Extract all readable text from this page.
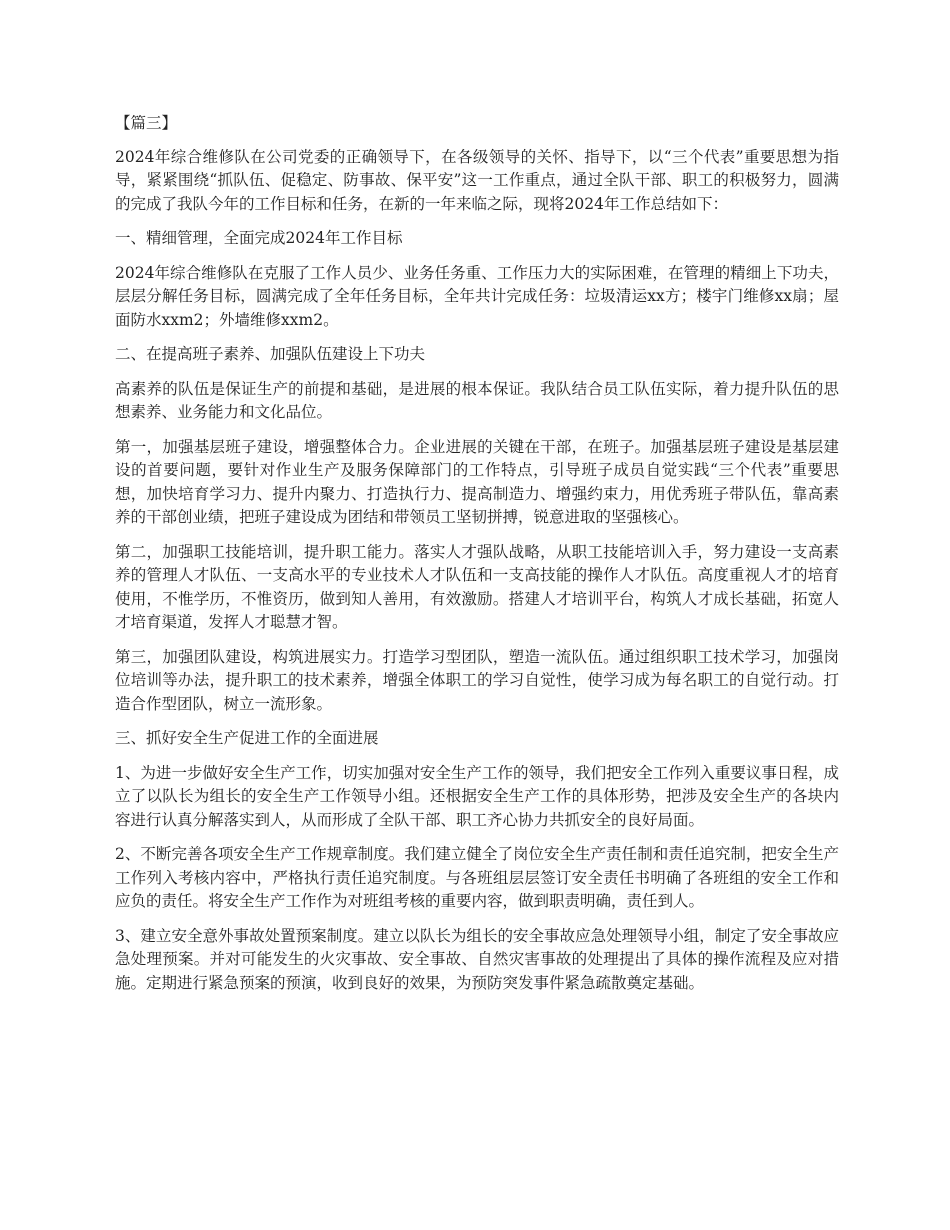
【篇三】

2024年综合维修队在公司党委的正确领导下，在各级领导的关怀、指导下，以“三个代表”重要思想为指导，紧紧围绕“抓队伍、促稳定、防事故、保平安”这一工作重点，通过全队干部、职工的积极努力，圆满的完成了我队今年的工作目标和任务，在新的一年来临之际，现将2024年工作总结如下：

一、精细管理，全面完成2024年工作目标

2024年综合维修队在克服了工作人员少、业务任务重、工作压力大的实际困难，在管理的精细上下功夫，层层分解任务目标，圆满完成了全年任务目标，全年共计完成任务：垃圾清运xx方；楼宇门维修xx扇；屋面防水xxm2；外墙维修xxm2。

二、在提高班子素养、加强队伍建设上下功夫

高素养的队伍是保证生产的前提和基础，是进展的根本保证。我队结合员工队伍实际，着力提升队伍的思想素养、业务能力和文化品位。

第一，加强基层班子建设，增强整体合力。企业进展的关键在干部，在班子。加强基层班子建设是基层建设的首要问题，要针对作业生产及服务保障部门的工作特点，引导班子成员自觉实践“三个代表”重要思想，加快培育学习力、提升内聚力、打造执行力、提高制造力、增强约束力，用优秀班子带队伍，靠高素养的干部创业绩，把班子建设成为团结和带领员工坚韧拼搏，锐意进取的坚强核心。

第二，加强职工技能培训，提升职工能力。落实人才强队战略，从职工技能培训入手，努力建设一支高素养的管理人才队伍、一支高水平的专业技术人才队伍和一支高技能的操作人才队伍。高度重视人才的培育使用，不惟学历，不惟资历，做到知人善用，有效激励。搭建人才培训平台，构筑人才成长基础，拓宽人才培育渠道，发挥人才聪慧才智。

第三，加强团队建设，构筑进展实力。打造学习型团队，塑造一流队伍。通过组织职工技术学习，加强岗位培训等办法，提升职工的技术素养，增强全体职工的学习自觉性，使学习成为每名职工的自觉行动。打造合作型团队，树立一流形象。

三、抓好安全生产促进工作的全面进展

1、为进一步做好安全生产工作，切实加强对安全生产工作的领导，我们把安全工作列入重要议事日程，成立了以队长为组长的安全生产工作领导小组。还根据安全生产工作的具体形势，把涉及安全生产的各块内容进行认真分解落实到人，从而形成了全队干部、职工齐心协力共抓安全的良好局面。

2、不断完善各项安全生产工作规章制度。我们建立健全了岗位安全生产责任制和责任追究制，把安全生产工作列入考核内容中，严格执行责任追究制度。与各班组层层签订安全责任书明确了各班组的安全工作和应负的责任。将安全生产工作作为对班组考核的重要内容，做到职责明确，责任到人。

3、建立安全意外事故处置预案制度。建立以队长为组长的安全事故应急处理领导小组，制定了安全事故应急处理预案。并对可能发生的火灾事故、安全事故、自然灾害事故的处理提出了具体的操作流程及应对措施。定期进行紧急预案的预演，收到良好的效果，为预防突发事件紧急疏散奠定基础。
